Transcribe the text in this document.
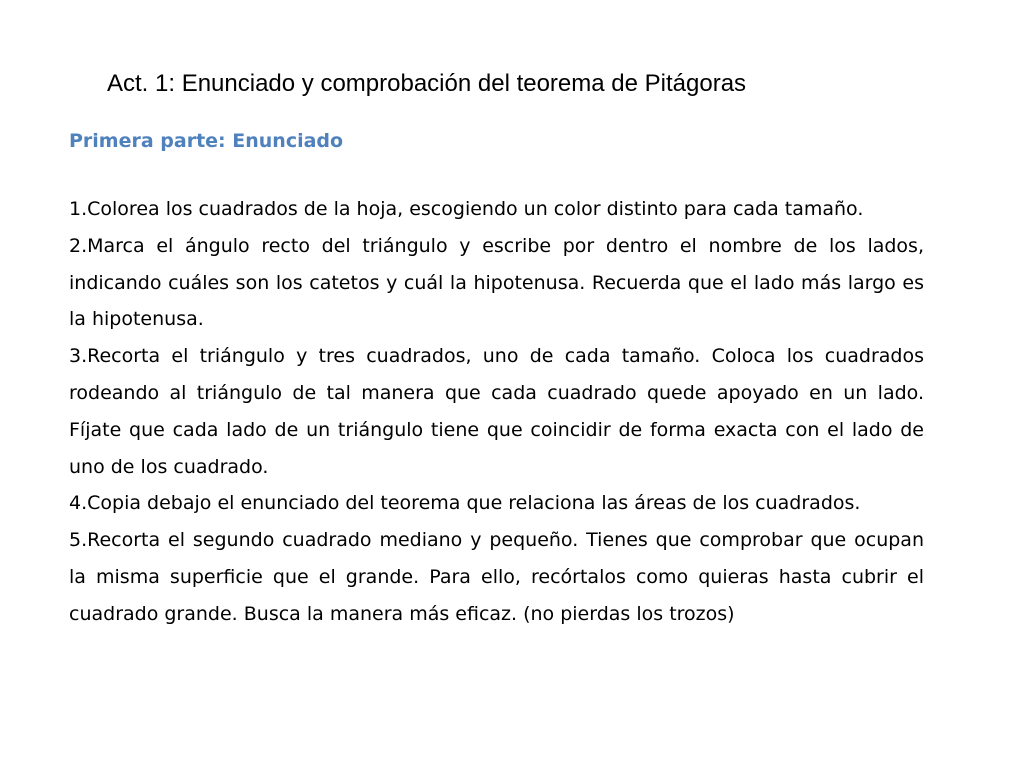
Act. 1: Enunciado y comprobación del teorema de Pitágoras
Primera parte: Enunciado
1.Colorea los cuadrados de la hoja, escogiendo un color distinto para cada tamaño.
2.Marca el ángulo recto del triángulo y escribe por dentro el nombre de los lados, indicando cuáles son los catetos y cuál la hipotenusa. Recuerda que el lado más largo es la hipotenusa.
3.Recorta el triángulo y tres cuadrados, uno de cada tamaño. Coloca los cuadrados rodeando al triángulo de tal manera que cada cuadrado quede apoyado en un lado. Fíjate que cada lado de un triángulo tiene que coincidir de forma exacta con el lado de uno de los cuadrado.
4.Copia debajo el enunciado del teorema que relaciona las áreas de los cuadrados.
5.Recorta el segundo cuadrado mediano y pequeño. Tienes que comprobar que ocupan la misma superficie que el grande. Para ello, recórtalos como quieras hasta cubrir el cuadrado grande. Busca la manera más eficaz. (no pierdas los trozos)
